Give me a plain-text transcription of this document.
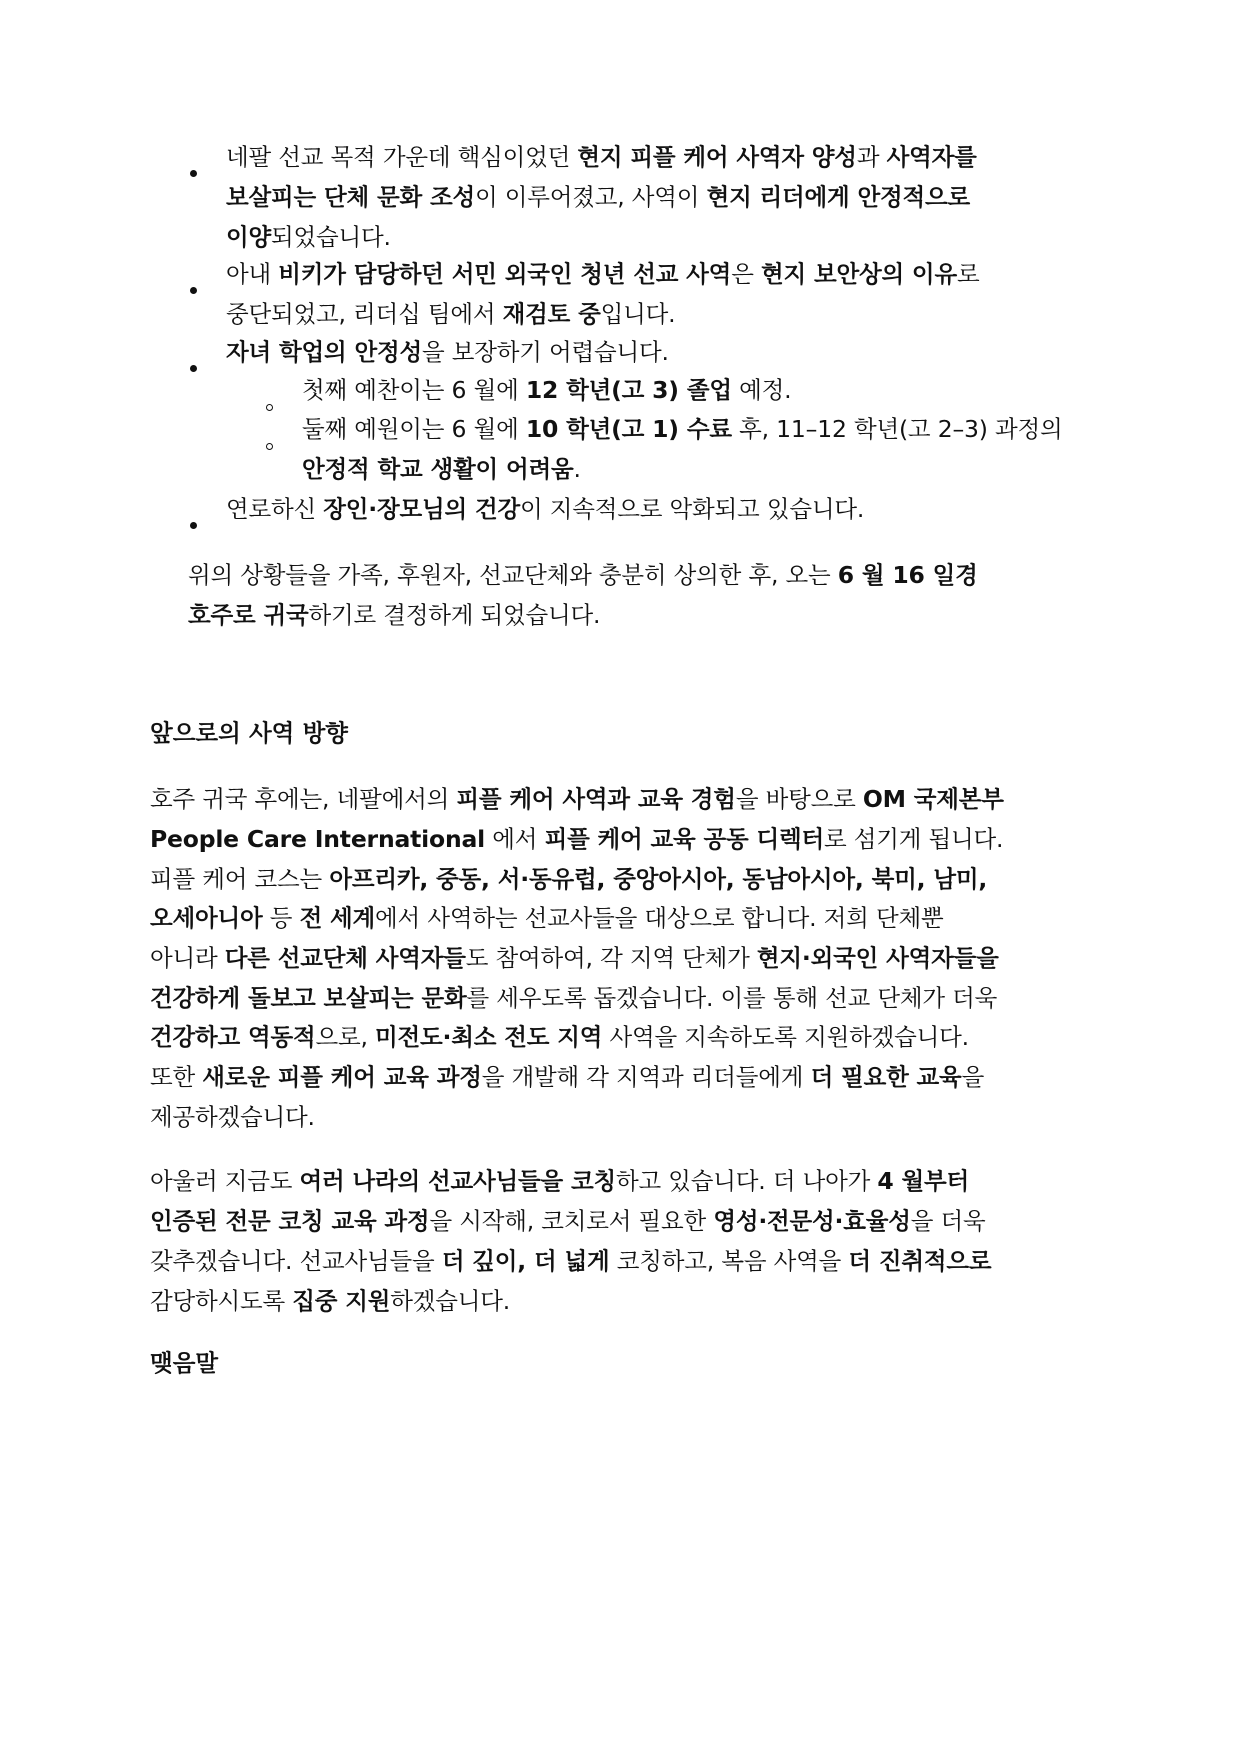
네팔 선교 목적 가운데 핵심이었던 현지 피플 케어 사역자 양성과 사역자를
보살피는 단체 문화 조성이 이루어졌고, 사역이 현지 리더에게 안정적으로
이양되었습니다.
아내 비키가 담당하던 서민 외국인 청년 선교 사역은 현지 보안상의 이유로
중단되었고, 리더십 팀에서 재검토 중입니다.
자녀 학업의 안정성을 보장하기 어렵습니다.
첫째 예찬이는 6 월에 12 학년(고 3) 졸업 예정.
둘째 예원이는 6 월에 10 학년(고 1) 수료 후, 11–12 학년(고 2–3) 과정의
안정적 학교 생활이 어려움.
연로하신 장인·장모님의 건강이 지속적으로 악화되고 있습니다.
위의 상황들을 가족, 후원자, 선교단체와 충분히 상의한 후, 오는 6 월 16 일경
호주로 귀국하기로 결정하게 되었습니다.
앞으로의 사역 방향
호주 귀국 후에는, 네팔에서의 피플 케어 사역과 교육 경험을 바탕으로 OM 국제본부
People Care International 에서 피플 케어 교육 공동 디렉터로 섬기게 됩니다.
피플 케어 코스는 아프리카, 중동, 서·동유럽, 중앙아시아, 동남아시아, 북미, 남미,
오세아니아 등 전 세계에서 사역하는 선교사들을 대상으로 합니다. 저희 단체뿐
아니라 다른 선교단체 사역자들도 참여하여, 각 지역 단체가 현지·외국인 사역자들을
건강하게 돌보고 보살피는 문화를 세우도록 돕겠습니다. 이를 통해 선교 단체가 더욱
건강하고 역동적으로, 미전도·최소 전도 지역 사역을 지속하도록 지원하겠습니다.
또한 새로운 피플 케어 교육 과정을 개발해 각 지역과 리더들에게 더 필요한 교육을
제공하겠습니다.
아울러 지금도 여러 나라의 선교사님들을 코칭하고 있습니다. 더 나아가 4 월부터
인증된 전문 코칭 교육 과정을 시작해, 코치로서 필요한 영성·전문성·효율성을 더욱
갖추겠습니다. 선교사님들을 더 깊이, 더 넓게 코칭하고, 복음 사역을 더 진취적으로
감당하시도록 집중 지원하겠습니다.
맺음말
